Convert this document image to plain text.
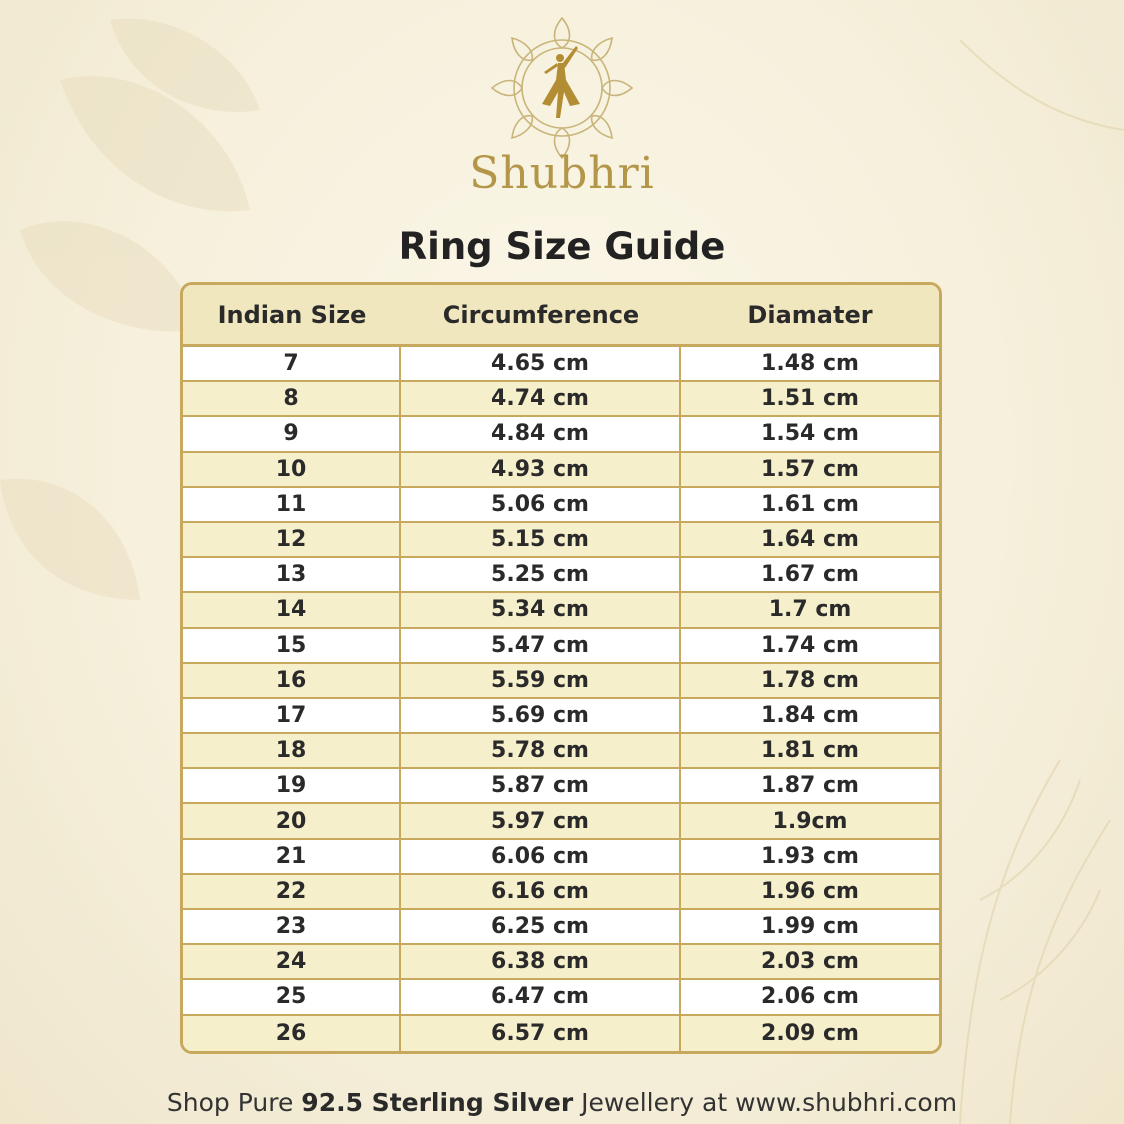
Shubhri
Ring Size Guide
Indian Size	Circumference	Diamater
7	4.65 cm	1.48 cm
8	4.74 cm	1.51 cm
9	4.84 cm	1.54 cm
10	4.93 cm	1.57 cm
11	5.06 cm	1.61 cm
12	5.15 cm	1.64 cm
13	5.25 cm	1.67 cm
14	5.34 cm	1.7 cm
15	5.47 cm	1.74 cm
16	5.59 cm	1.78 cm
17	5.69 cm	1.84 cm
18	5.78 cm	1.81 cm
19	5.87 cm	1.87 cm
20	5.97 cm	1.9cm
21	6.06 cm	1.93 cm
22	6.16 cm	1.96 cm
23	6.25 cm	1.99 cm
24	6.38 cm	2.03 cm
25	6.47 cm	2.06 cm
26	6.57 cm	2.09 cm
Shop Pure 92.5 Sterling Silver Jewellery at www.shubhri.com
